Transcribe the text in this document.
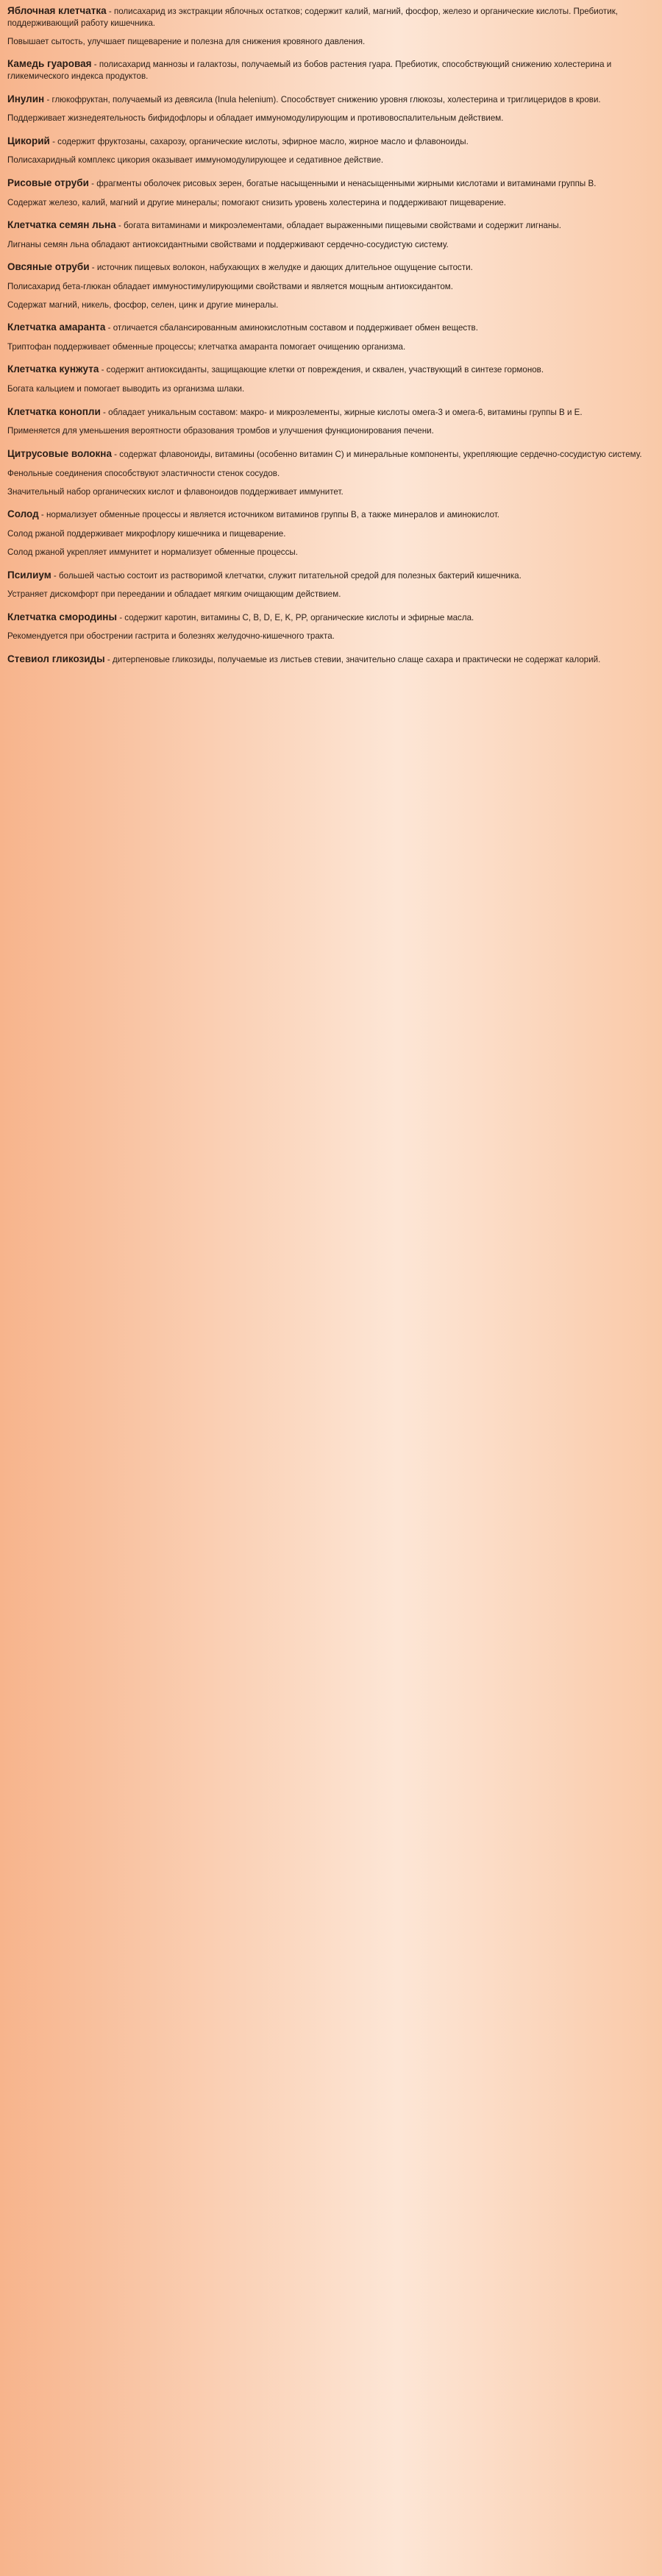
Яблочная клетчатка - полисахарид из экстракции яблочных остатков; содержит калий, магний, фосфор, железо и органические кислоты. Пребиотик, поддерживающий работу кишечника.

Повышает сытость, улучшает пищеварение и полезна для снижения кровяного давления.

Камедь гуаровая - полисахарид маннозы и галактозы, получаемый из бобов растения гуара. Пребиотик, способствующий снижению холестерина и гликемического индекса продуктов.

Инулин - глюкофруктан, получаемый из девясила (Inula helenium). Способствует снижению уровня глюкозы, холестерина и триглицеридов в крови.

Поддерживает жизнедеятельность бифидофлоры и обладает иммуномодулирующим и противовоспалительным действием.

Цикорий - содержит фруктозаны, сахарозу, органические кислоты, эфирное масло, жирное масло и флавоноиды.

Полисахаридный комплекс цикория оказывает иммуномодулирующее и седативное действие.

Рисовые отруби - фрагменты оболочек рисовых зерен, богатые насыщенными и ненасыщенными жирными кислотами и витаминами группы B.

Содержат железо, калий, магний и другие минералы; помогают снизить уровень холестерина и поддерживают пищеварение.

Клетчатка семян льна - богата витаминами и микроэлементами, обладает выраженными пищевыми свойствами и содержит лигнаны.

Лигнаны семян льна обладают антиоксидантными свойствами и поддерживают сердечно-сосудистую систему.

Овсяные отруби - источник пищевых волокон, набухающих в желудке и дающих длительное ощущение сытости.

Полисахарид бета-глюкан обладает иммуностимулирующими свойствами и является мощным антиоксидантом.

Содержат магний, никель, фосфор, селен, цинк и другие минералы.

Клетчатка амаранта - отличается сбалансированным аминокислотным составом и поддерживает обмен веществ.

Триптофан поддерживает обменные процессы; клетчатка амаранта помогает очищению организма.

Клетчатка кунжута - содержит антиоксиданты, защищающие клетки от повреждения, и сквален, участвующий в синтезе гормонов.

Богата кальцием и помогает выводить из организма шлаки.

Клетчатка конопли - обладает уникальным составом: макро- и микроэлементы, жирные кислоты омега-3 и омега-6, витамины группы B и E.

Применяется для уменьшения вероятности образования тромбов и улучшения функционирования печени.

Цитрусовые волокна - содержат флавоноиды, витамины (особенно витамин C) и минеральные компоненты, укрепляющие сердечно-сосудистую систему.

Фенольные соединения способствуют эластичности стенок сосудов.

Значительный набор органических кислот и флавоноидов поддерживает иммунитет.

Солод - нормализует обменные процессы и является источником витаминов группы B, а также минералов и аминокислот.

Солод ржаной поддерживает микрофлору кишечника и пищеварение.

Солод ржаной укрепляет иммунитет и нормализует обменные процессы.

Псилиум - большей частью состоит из растворимой клетчатки, служит питательной средой для полезных бактерий кишечника.

Устраняет дискомфорт при переедании и обладает мягким очищающим действием.

Клетчатка смородины - содержит каротин, витамины C, B, D, E, K, PP, органические кислоты и эфирные масла.

Рекомендуется при обострении гастрита и болезнях желудочно-кишечного тракта.

Стевиол гликозиды - дитерпеновые гликозиды, получаемые из листьев стевии, значительно слаще сахара и практически не содержат калорий.
